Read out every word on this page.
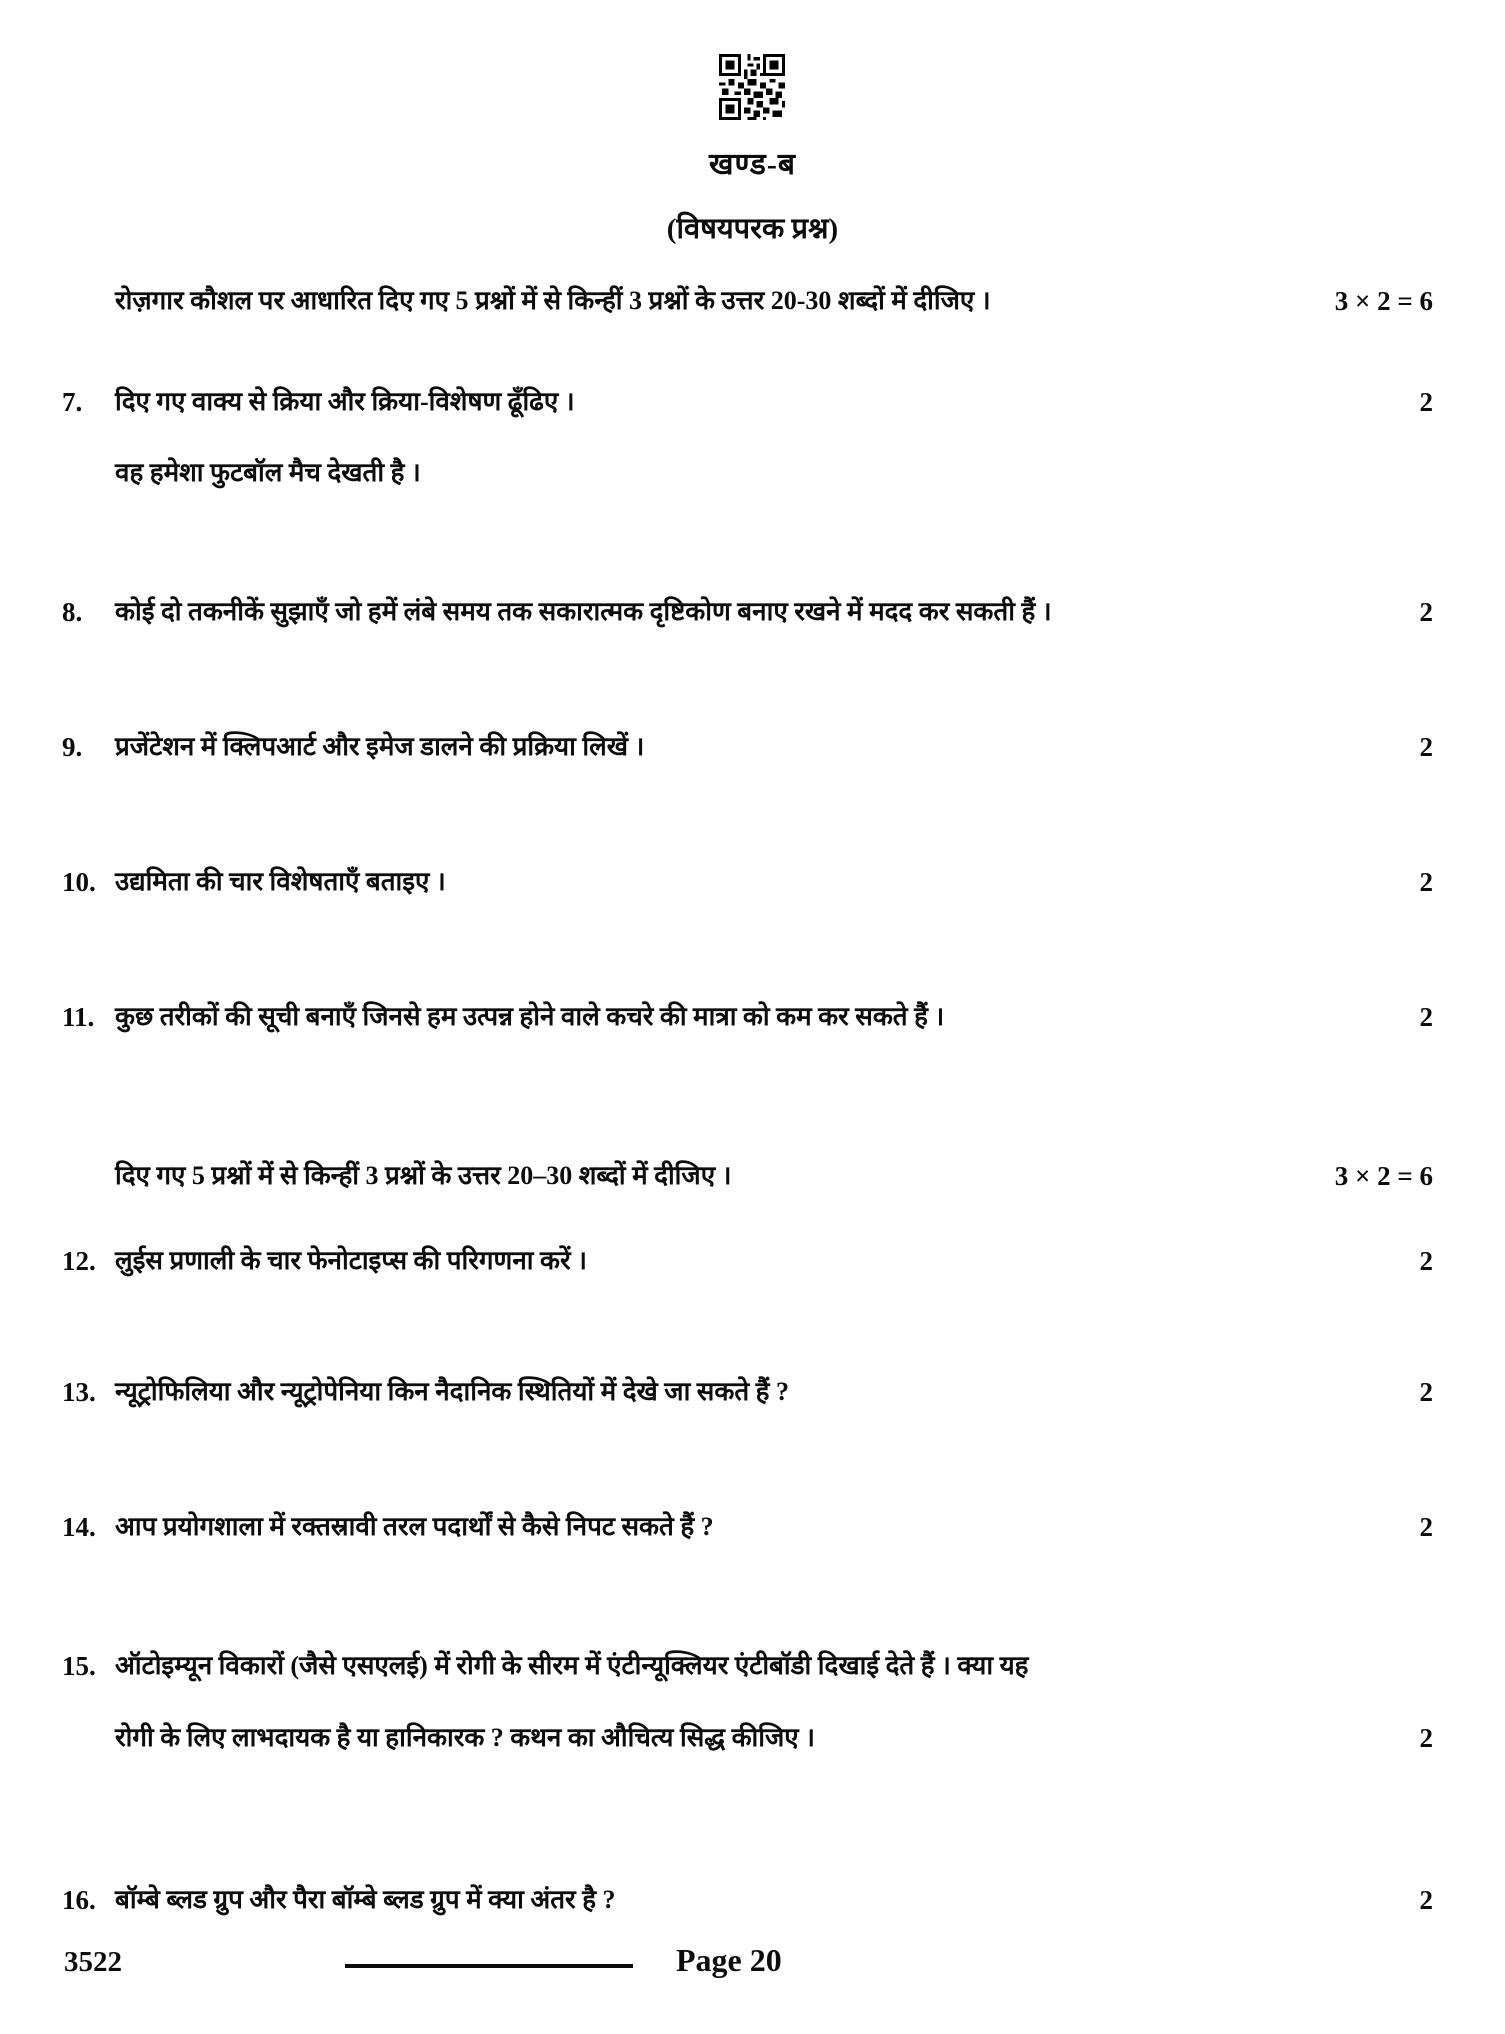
खण्ड-ब
(विषयपरक प्रश्न)
रोज़गार कौशल पर आधारित दिए गए 5 प्रश्नों में से किन्हीं 3 प्रश्नों के उत्तर 20-30 शब्दों में दीजिए ।	3 × 2 = 6
7.	दिए गए वाक्य से क्रिया और क्रिया-विशेषण ढूँढिए ।	2
वह हमेशा फुटबॉल मैच देखती है ।
8.	कोई दो तकनीकें सुझाएँ जो हमें लंबे समय तक सकारात्मक दृष्टिकोण बनाए रखने में मदद कर सकती हैं ।	2
9.	प्रजेंटेशन में क्लिपआर्ट और इमेज डालने की प्रक्रिया लिखें ।	2
10. उद्यमिता की चार विशेषताएँ बताइए ।	2
11. कुछ तरीकों की सूची बनाएँ जिनसे हम उत्पन्न होने वाले कचरे की मात्रा को कम कर सकते हैं ।	2
दिए गए 5 प्रश्नों में से किन्हीं 3 प्रश्नों के उत्तर 20–30 शब्दों में दीजिए ।	3 × 2 = 6
12. लुईस प्रणाली के चार फेनोटाइप्स की परिगणना करें ।	2
13. न्यूट्रोफिलिया और न्यूट्रोपेनिया किन नैदानिक स्थितियों में देखे जा सकते हैं ?	2
14. आप प्रयोगशाला में रक्तस्रावी तरल पदार्थों से कैसे निपट सकते हैं ?	2
15. ऑटोइम्यून विकारों (जैसे एसएलई) में रोगी के सीरम में एंटीन्यूक्लियर एंटीबॉडी दिखाई देते हैं । क्या यह
रोगी के लिए लाभदायक है या हानिकारक ? कथन का औचित्य सिद्ध कीजिए ।	2
16. बॉम्बे ब्लड ग्रुप और पैरा बॉम्बे ब्लड ग्रुप में क्या अंतर है ?	2
3522	Page 20
